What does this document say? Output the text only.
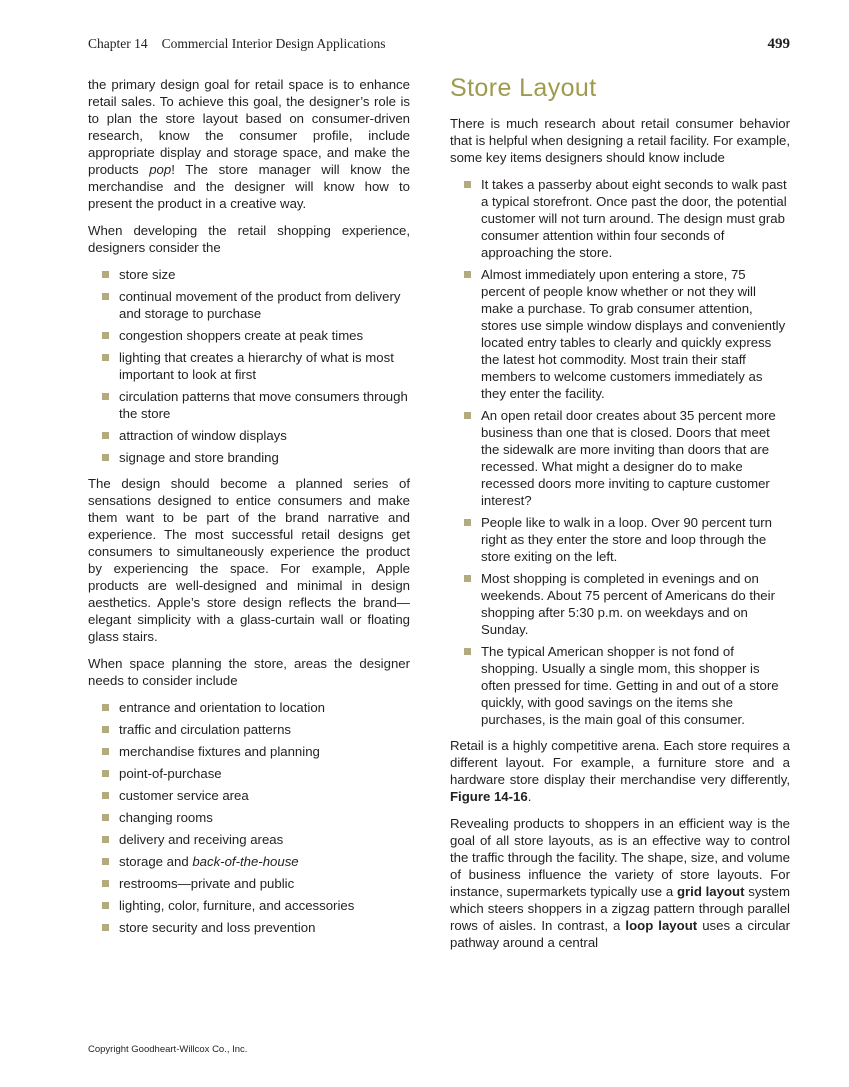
Chapter 14 Commercial Interior Design Applications	499

the primary design goal for retail space is to enhance retail sales. To achieve this goal, the designer’s role is to plan the store layout based on consumer-driven research, know the consumer profile, include appropriate display and storage space, and make the products pop! The store manager will know the merchandise and the designer will know how to present the product in a creative way.

When developing the retail shopping experience, designers consider the

store size
continual movement of the product from delivery and storage to purchase
congestion shoppers create at peak times
lighting that creates a hierarchy of what is most important to look at first
circulation patterns that move consumers through the store
attraction of window displays
signage and store branding

The design should become a planned series of sensations designed to entice consumers and make them want to be part of the brand narrative and experience. The most successful retail designs get consumers to simultaneously experience the product by experiencing the space. For example, Apple products are well-designed and minimal in design aesthetics. Apple’s store design reflects the brand—elegant simplicity with a glass-curtain wall or floating glass stairs.

When space planning the store, areas the designer needs to consider include

entrance and orientation to location
traffic and circulation patterns
merchandise fixtures and planning
point-of-purchase
customer service area
changing rooms
delivery and receiving areas
storage and back-of-the-house
restrooms—private and public
lighting, color, furniture, and accessories
store security and loss prevention
Store Layout

There is much research about retail consumer behavior that is helpful when designing a retail facility. For example, some key items designers should know include

It takes a passerby about eight seconds to walk past a typical storefront. Once past the door, the potential customer will not turn around. The design must grab consumer attention within four seconds of approaching the store.
Almost immediately upon entering a store, 75 percent of people know whether or not they will make a purchase. To grab consumer attention, stores use simple window displays and conveniently located entry tables to clearly and quickly express the latest hot commodity. Most train their staff members to welcome customers immediately as they enter the facility.
An open retail door creates about 35 percent more business than one that is closed. Doors that meet the sidewalk are more inviting than doors that are recessed. What might a designer do to make recessed doors more inviting to capture customer interest?
People like to walk in a loop. Over 90 percent turn right as they enter the store and loop through the store exiting on the left.
Most shopping is completed in evenings and on weekends. About 75 percent of Americans do their shopping after 5:30 p.m. on weekdays and on Sunday.
The typical American shopper is not fond of shopping. Usually a single mom, this shopper is often pressed for time. Getting in and out of a store quickly, with good savings on the items she purchases, is the main goal of this consumer.

Retail is a highly competitive arena. Each store requires a different layout. For example, a furniture store and a hardware store display their merchandise very differently, Figure 14-16.

Revealing products to shoppers in an efficient way is the goal of all store layouts, as is an effective way to control the traffic through the facility. The shape, size, and volume of business influence the variety of store layouts. For instance, supermarkets typically use a grid layout system which steers shoppers in a zigzag pattern through parallel rows of aisles. In contrast, a loop layout uses a circular pathway around a central

Copyright Goodheart-Willcox Co., Inc.
